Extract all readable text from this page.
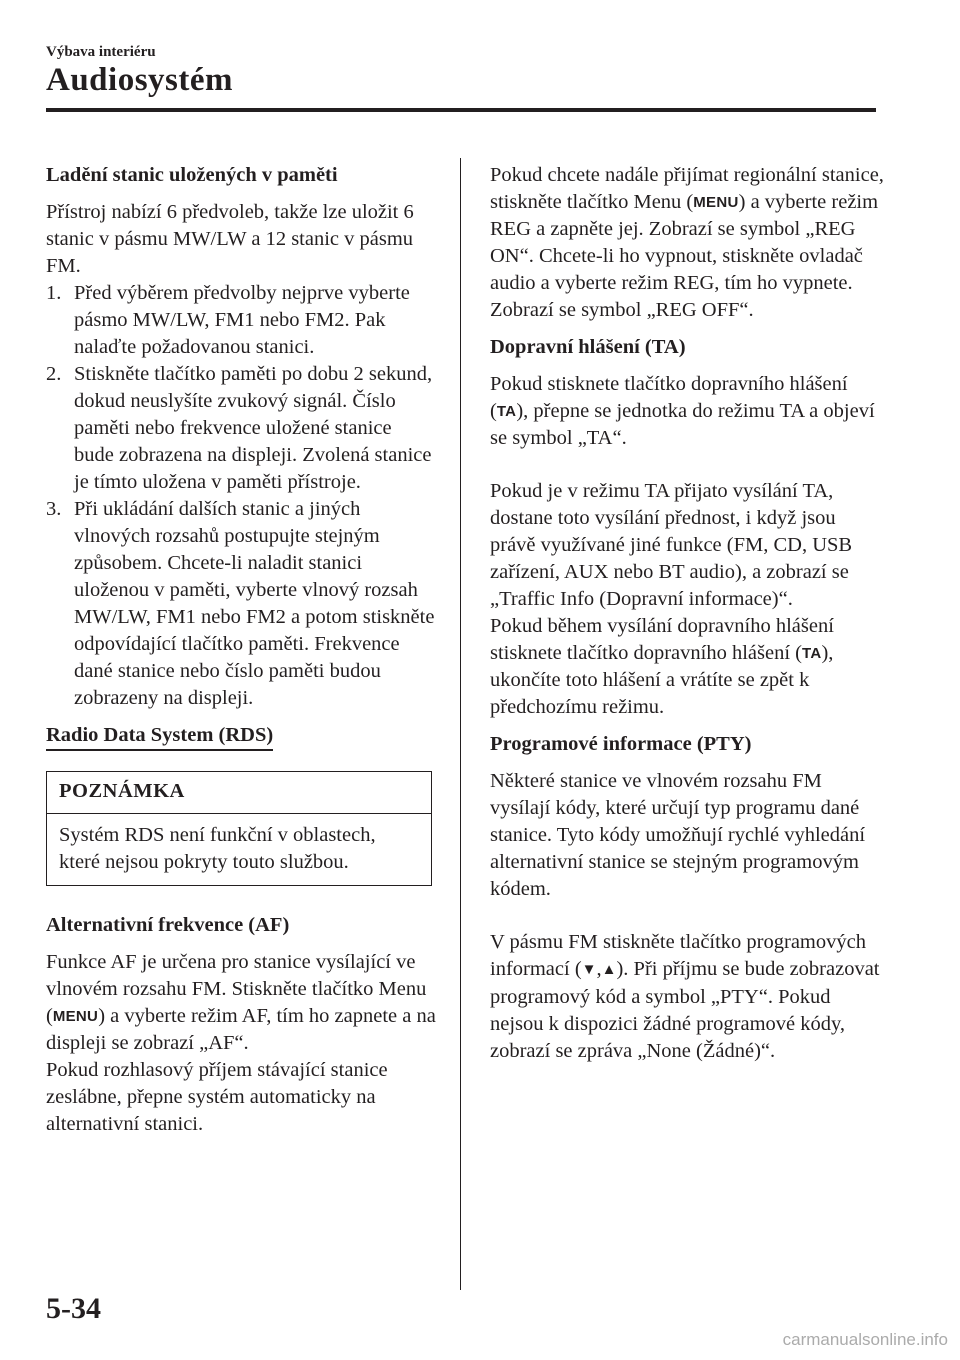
Výbava interiéru
Audiosystém

Ladění stanic uložených v paměti

Přístroj nabízí 6 předvoleb, takže lze uložit 6 stanic v pásmu MW/LW a 12 stanic v pásmu FM.

1. Před výběrem předvolby nejprve vyberte pásmo MW/LW, FM1 nebo FM2. Pak nalaďte požadovanou stanici.
2. Stiskněte tlačítko paměti po dobu 2 sekund, dokud neuslyšíte zvukový signál. Číslo paměti nebo frekvence uložené stanice bude zobrazena na displeji. Zvolená stanice je tímto uložena v paměti přístroje.
3. Při ukládání dalších stanic a jiných vlnových rozsahů postupujte stejným způsobem. Chcete-li naladit stanici uloženou v paměti, vyberte vlnový rozsah MW/LW, FM1 nebo FM2 a potom stiskněte odpovídající tlačítko paměti. Frekvence dané stanice nebo číslo paměti budou zobrazeny na displeji.

Radio Data System (RDS)

POZNÁMKA
Systém RDS není funkční v oblastech, které nejsou pokryty touto službou.

Alternativní frekvence (AF)

Funkce AF je určena pro stanice vysílající ve vlnovém rozsahu FM. Stiskněte tlačítko Menu (MENU) a vyberte režim AF, tím ho zapnete a na displeji se zobrazí „AF“.

Pokud rozhlasový příjem stávající stanice zeslábne, přepne systém automaticky na alternativní stanici.

Pokud chcete nadále přijímat regionální stanice, stiskněte tlačítko Menu (MENU) a vyberte režim REG a zapněte jej. Zobrazí se symbol „REG ON“. Chcete-li ho vypnout, stiskněte ovladač audio a vyberte režim REG, tím ho vypnete. Zobrazí se symbol „REG OFF“.

Dopravní hlášení (TA)

Pokud stisknete tlačítko dopravního hlášení (TA), přepne se jednotka do režimu TA a objeví se symbol „TA“.

Pokud je v režimu TA přijato vysílání TA, dostane toto vysílání přednost, i když jsou právě využívané jiné funkce (FM, CD, USB zařízení, AUX nebo BT audio), a zobrazí se „Traffic Info (Dopravní informace)“.

Pokud během vysílání dopravního hlášení stisknete tlačítko dopravního hlášení (TA), ukončíte toto hlášení a vrátíte se zpět k předchozímu režimu.

Programové informace (PTY)

Některé stanice ve vlnovém rozsahu FM vysílají kódy, které určují typ programu dané stanice. Tyto kódy umožňují rychlé vyhledání alternativní stanice se stejným programovým kódem.

V pásmu FM stiskněte tlačítko programových informací (▼,▲). Při příjmu se bude zobrazovat programový kód a symbol „PTY“. Pokud nejsou k dispozici žádné programové kódy, zobrazí se zpráva „None (Žádné)“.

5-34
carmanualsonline.info
